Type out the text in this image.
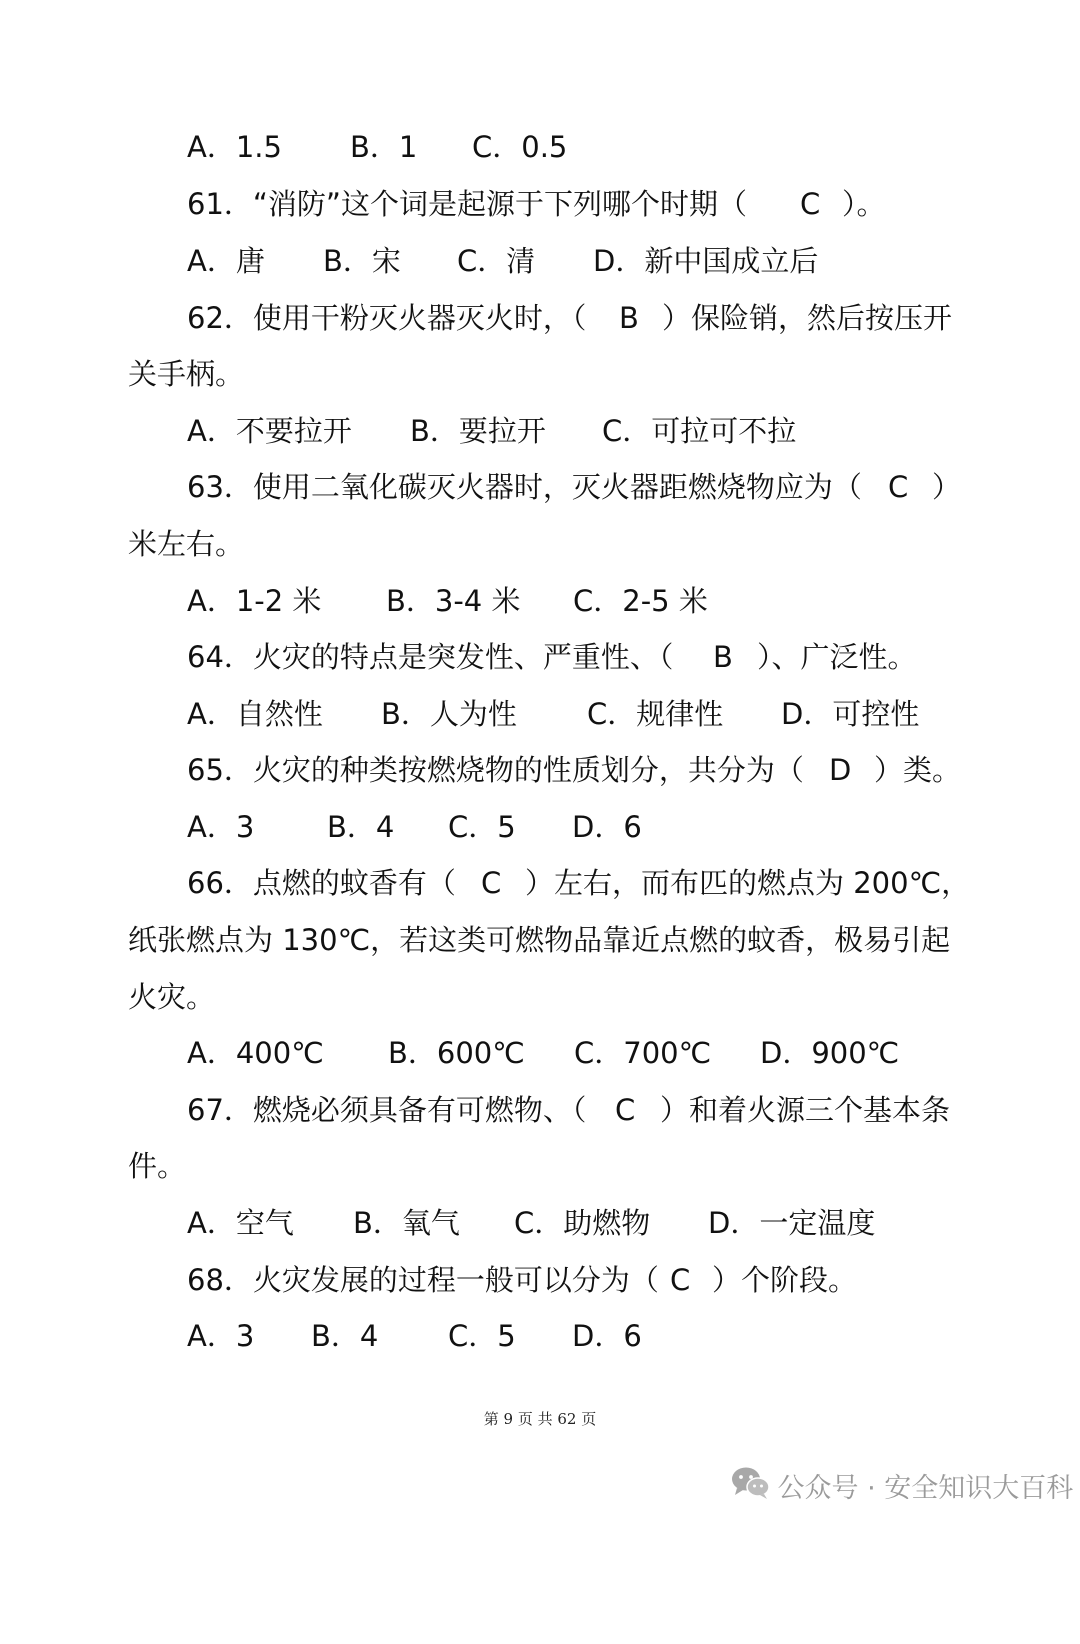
A．1.5

B．1

C．0.5

61．“消防”这个词是起源于下列哪个时期（

C

）。

A．唐

B．宋

C．清

D．新中国成立后

62．使用干粉灭火器灭火时，（

B

）保险销，然后按压开

关手柄。

A．不要拉开

B．要拉开

C．可拉可不拉

63．使用二氧化碳灭火器时，灭火器距燃烧物应为（

C

）

米左右。

A．1-2 米

B．3-4 米

C．2-5 米

64．火灾的特点是突发性、严重性、（

B

）、广泛性。

A．自然性

B．人为性

C．规律性

D．可控性

65．火灾的种类按燃烧物的性质划分，共分为（

D

）类。

A．3

	B．4

C．5

D．6

66．点燃的蚊香有（

C

）左右，而布匹的燃点为 200℃，

纸张燃点为 130℃，若这类可燃物品靠近点燃的蚊香，极易引起

火灾。

A．400℃

B．600℃

C．700℃

D．900℃

67．燃烧必须具备有可燃物、（

C

）和着火源三个基本条

件。

A．空气

B．氧气

C．助燃物

D．一定温度

68．火灾发展的过程一般可以分为（

C

）个阶段。

A．3

B．4

C．5

D．6

第 9 页 共 62 页

公众号 · 安全知识大百科
